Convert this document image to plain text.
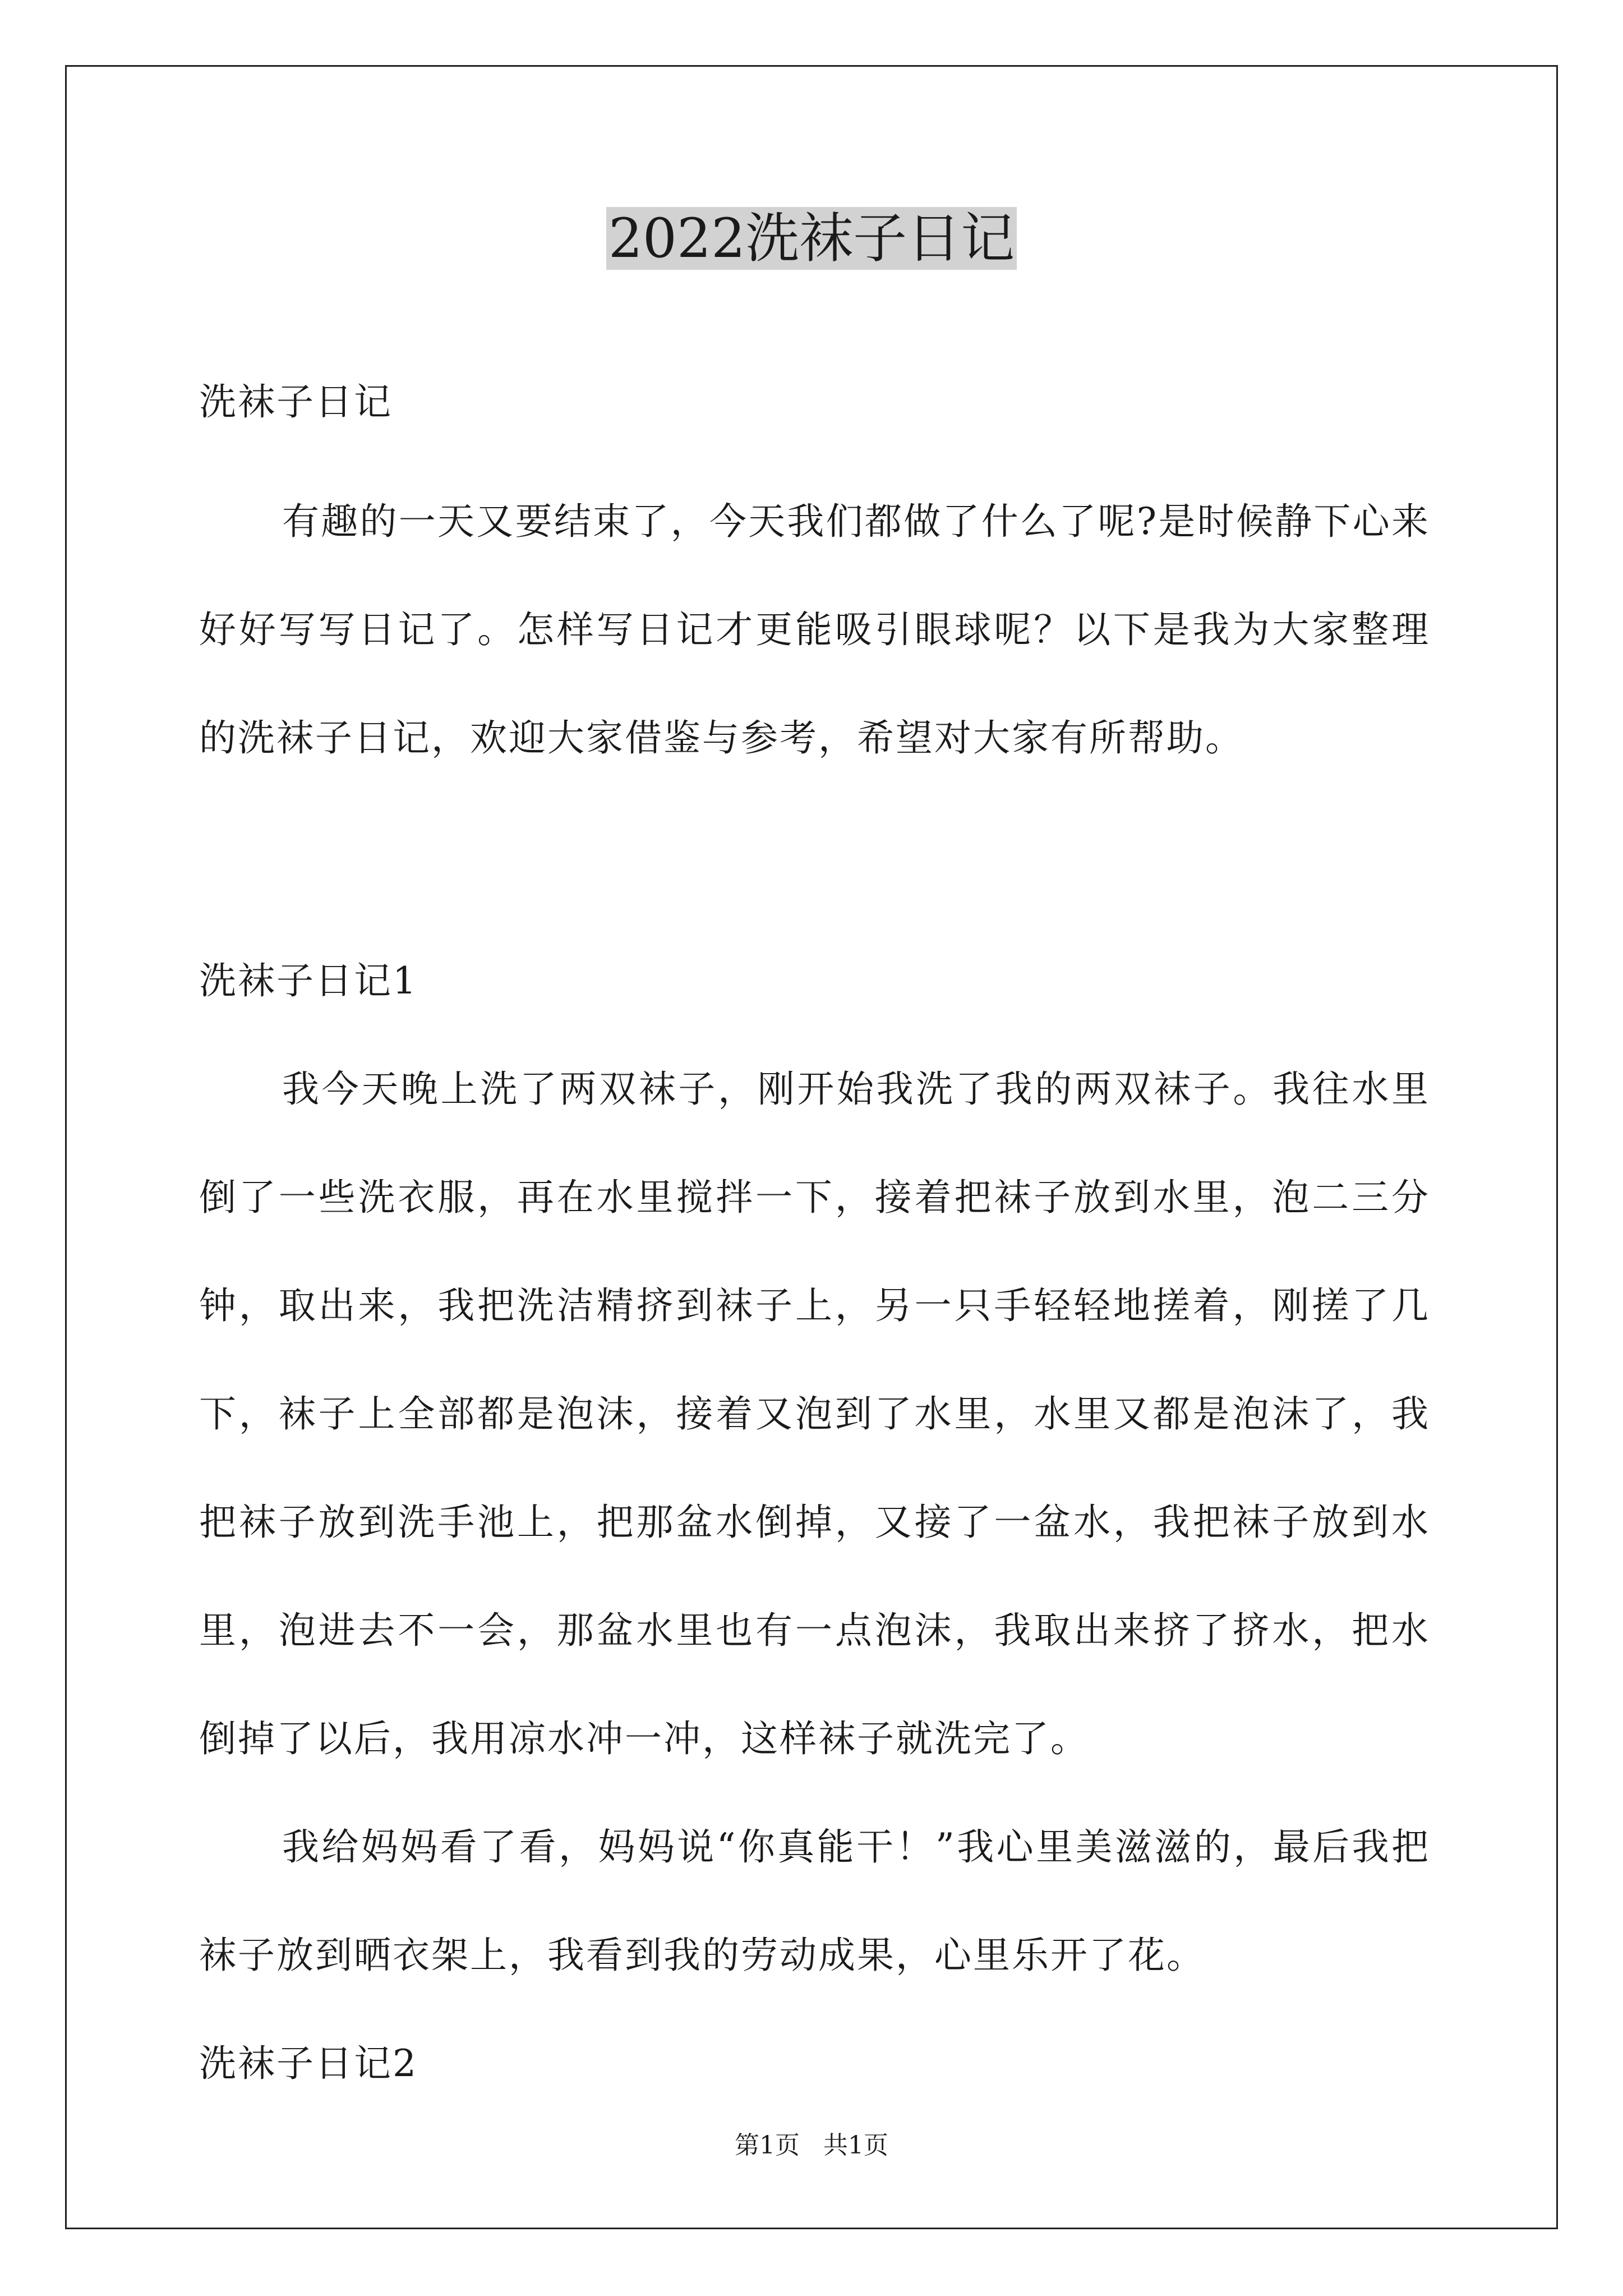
2022洗袜子日记
洗袜子日记

有趣的一天又要结束了，今天我们都做了什么了呢?是时候静下心来好好写写日记了。怎样写日记才更能吸引眼球呢？以下是我为大家整理的洗袜子日记，欢迎大家借鉴与参考，希望对大家有所帮助。

洗袜子日记1

我今天晚上洗了两双袜子，刚开始我洗了我的两双袜子。我往水里倒了一些洗衣服，再在水里搅拌一下，接着把袜子放到水里，泡二三分钟，取出来，我把洗洁精挤到袜子上，另一只手轻轻地搓着，刚搓了几下，袜子上全部都是泡沫，接着又泡到了水里，水里又都是泡沫了，我把袜子放到洗手池上，把那盆水倒掉，又接了一盆水，我把袜子放到水里，泡进去不一会，那盆水里也有一点泡沫，我取出来挤了挤水，把水倒掉了以后，我用凉水冲一冲，这样袜子就洗完了。

我给妈妈看了看，妈妈说“你真能干！”我心里美滋滋的，最后我把袜子放到晒衣架上，我看到我的劳动成果，心里乐开了花。

洗袜子日记2
第1页   共1页
